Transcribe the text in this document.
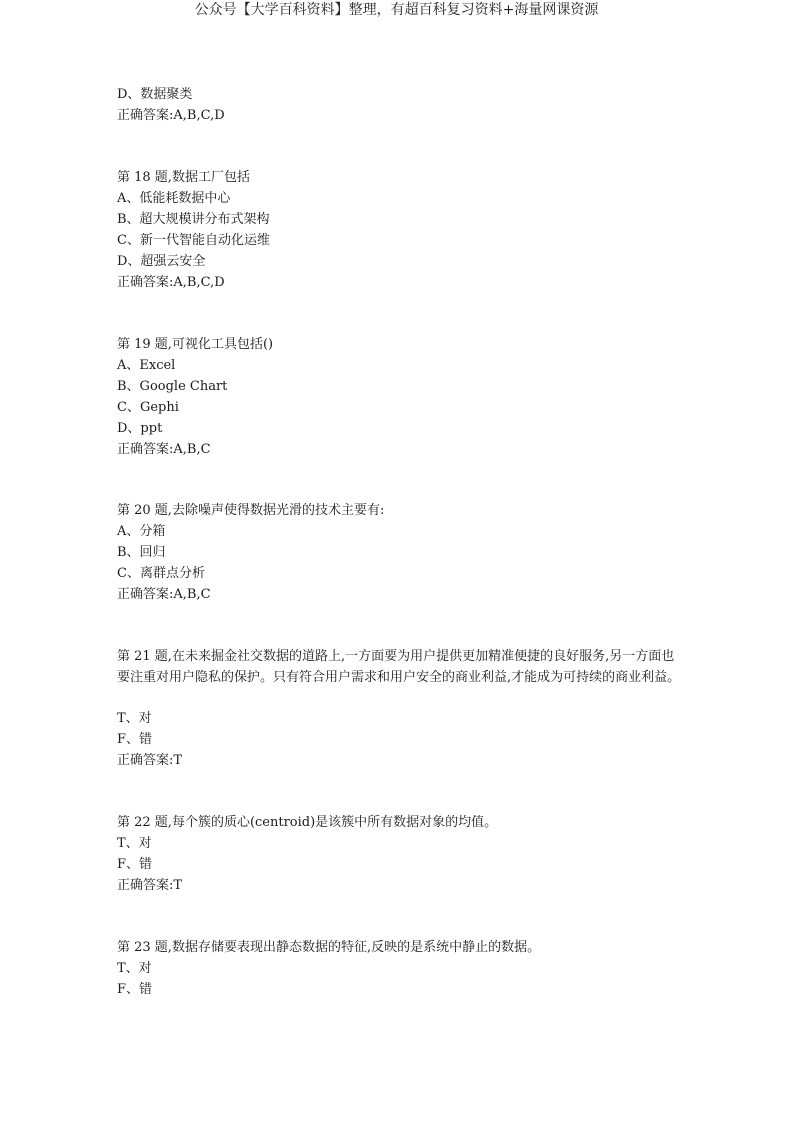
公众号【大学百科资料】整理，有超百科复习资料+海量网课资源
D、数据聚类
正确答案:A,B,C,D
第 18 题,数据工厂包括
A、低能耗数据中心
B、超大规模讲分布式架构
C、新一代智能自动化运维
D、超强云安全
正确答案:A,B,C,D
第 19 题,可视化工具包括()
A、Excel
B、Google Chart
C、Gephi
D、ppt
正确答案:A,B,C
第 20 题,去除噪声使得数据光滑的技术主要有:
A、分箱
B、回归
C、离群点分析
正确答案:A,B,C
第 21 题,在未来掘金社交数据的道路上,一方面要为用户提供更加精准便捷的良好服务,另一方面也要注重对用户隐私的保护。只有符合用户需求和用户安全的商业利益,才能成为可持续的商业利益。
T、对
F、错
正确答案:T
第 22 题,每个簇的质心(centroid)是该簇中所有数据对象的均值。
T、对
F、错
正确答案:T
第 23 题,数据存储要表现出静态数据的特征,反映的是系统中静止的数据。
T、对
F、错
